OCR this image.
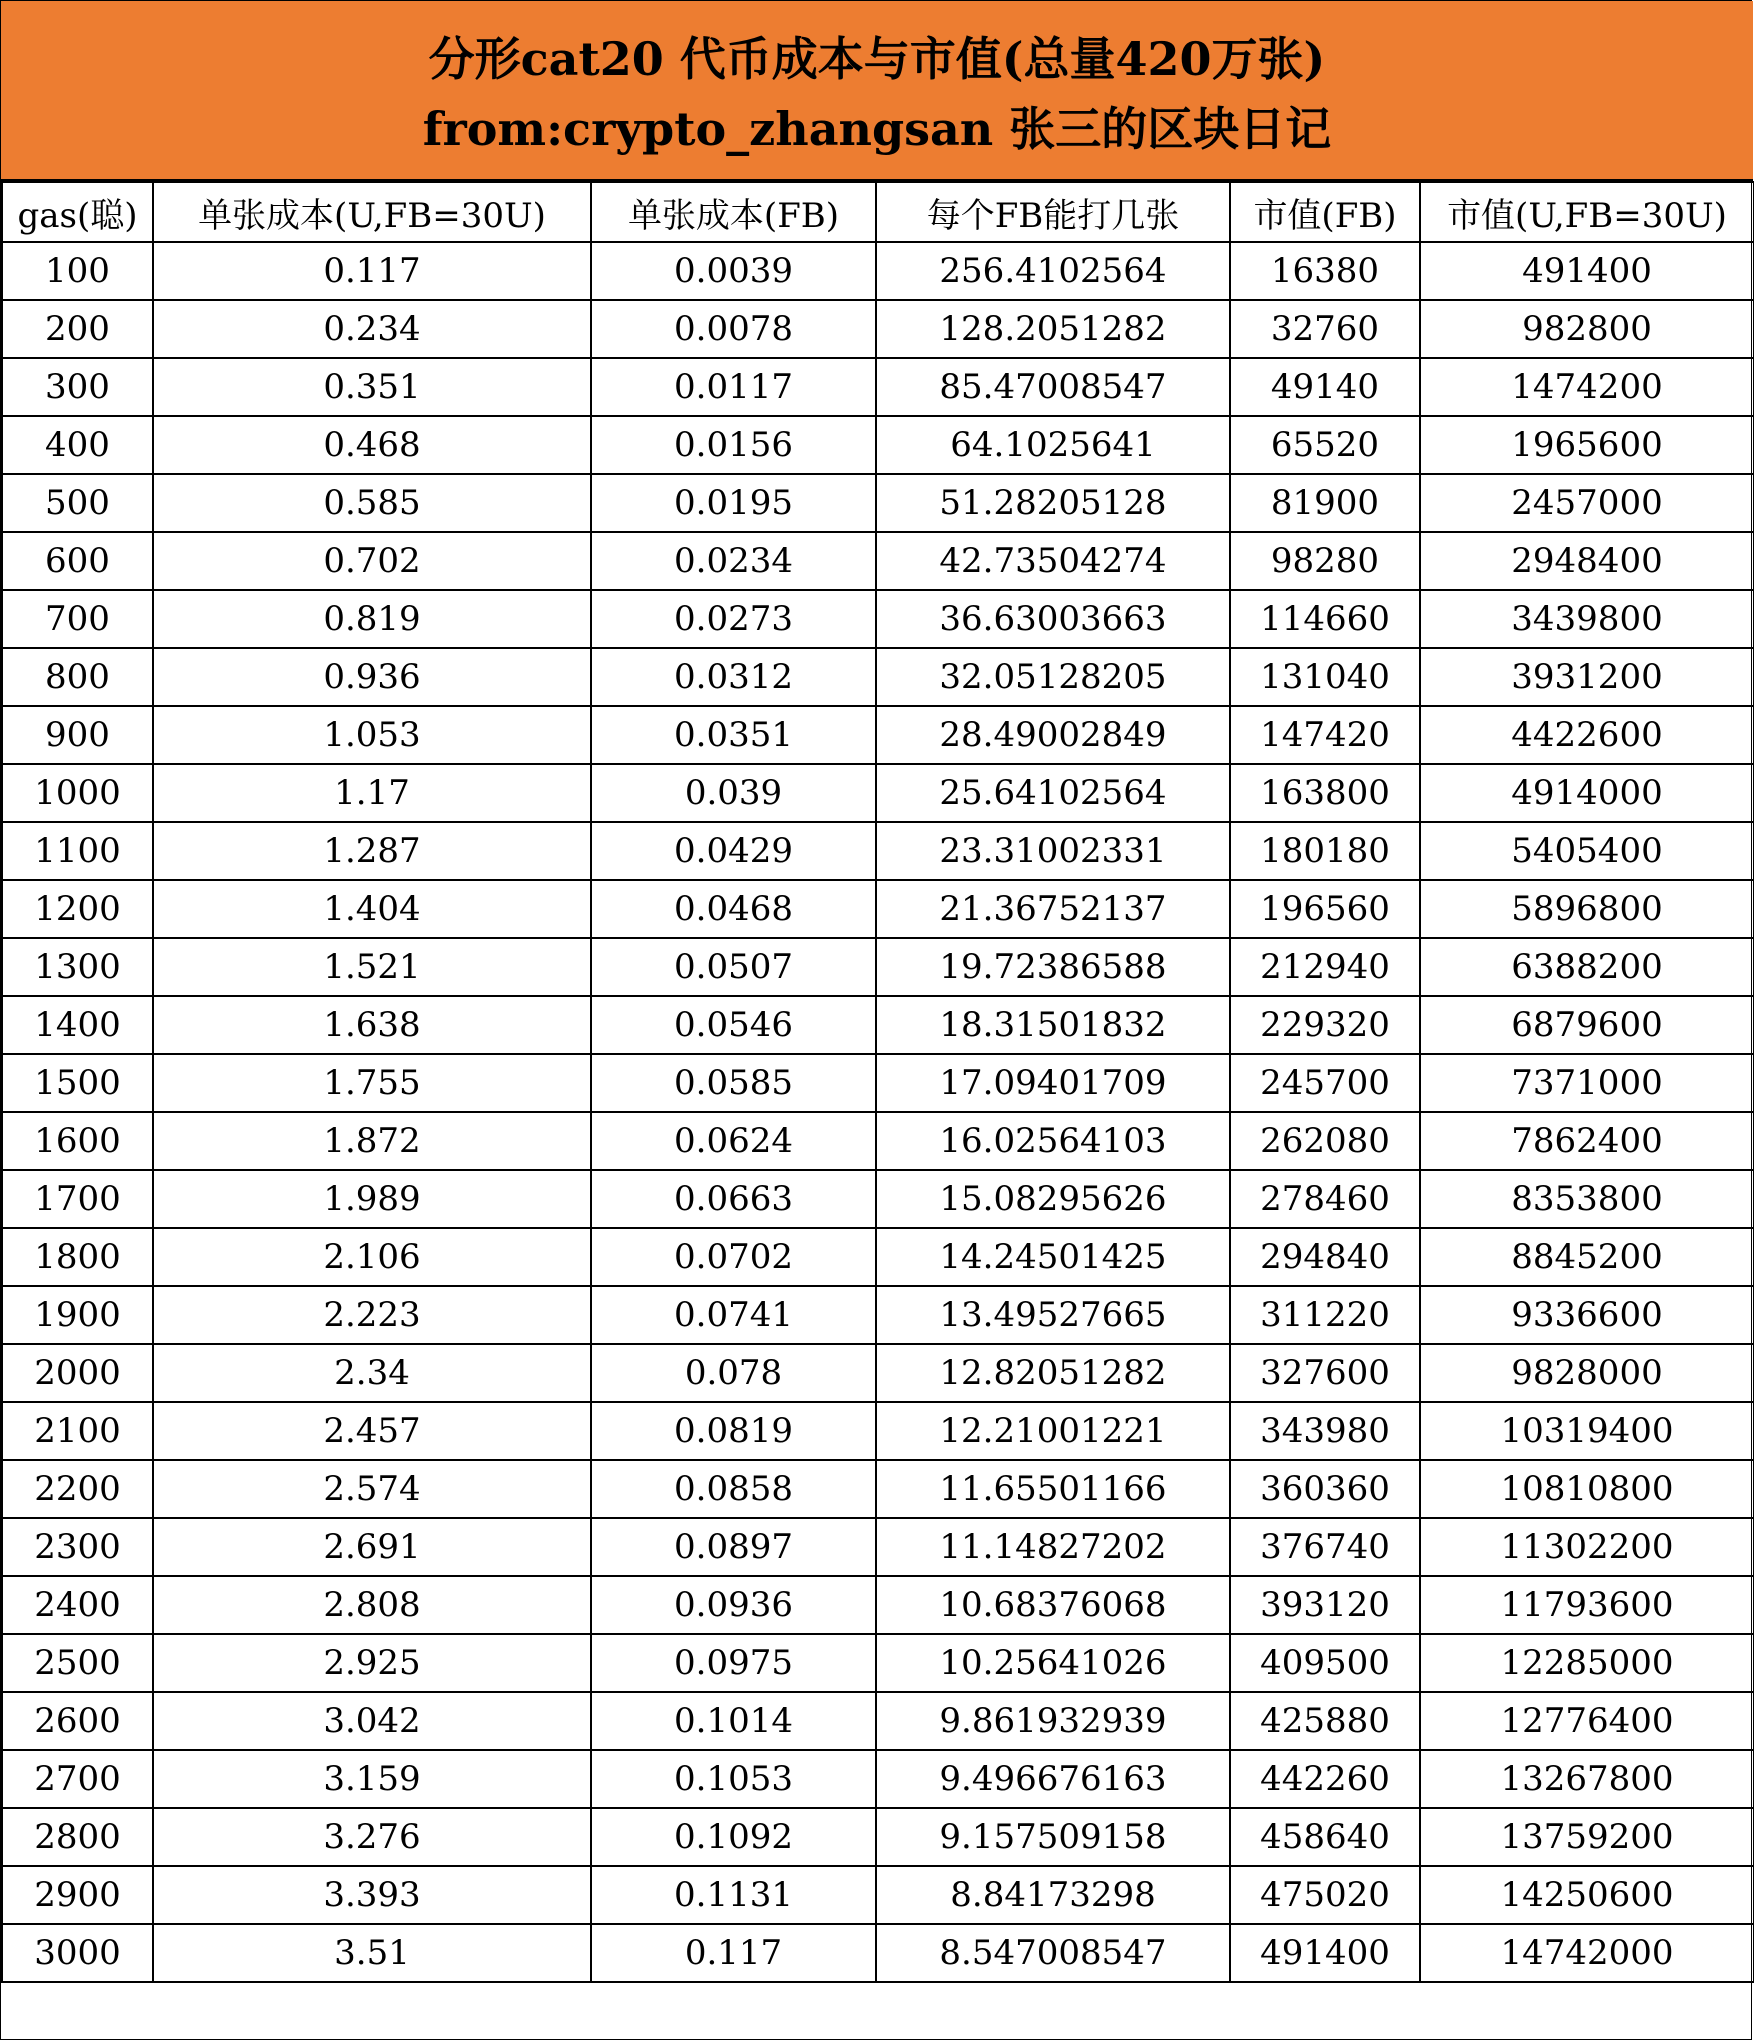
分形cat20 代币成本与市值(总量420万张)
from:crypto_zhangsan 张三的区块日记
gas(聪)	单张成本(U,FB=30U)	单张成本(FB)	每个FB能打几张	市值(FB)	市值(U,FB=30U)
100	0.117	0.0039	256.4102564	16380	491400
200	0.234	0.0078	128.2051282	32760	982800
300	0.351	0.0117	85.47008547	49140	1474200
400	0.468	0.0156	64.1025641	65520	1965600
500	0.585	0.0195	51.28205128	81900	2457000
600	0.702	0.0234	42.73504274	98280	2948400
700	0.819	0.0273	36.63003663	114660	3439800
800	0.936	0.0312	32.05128205	131040	3931200
900	1.053	0.0351	28.49002849	147420	4422600
1000	1.17	0.039	25.64102564	163800	4914000
1100	1.287	0.0429	23.31002331	180180	5405400
1200	1.404	0.0468	21.36752137	196560	5896800
1300	1.521	0.0507	19.72386588	212940	6388200
1400	1.638	0.0546	18.31501832	229320	6879600
1500	1.755	0.0585	17.09401709	245700	7371000
1600	1.872	0.0624	16.02564103	262080	7862400
1700	1.989	0.0663	15.08295626	278460	8353800
1800	2.106	0.0702	14.24501425	294840	8845200
1900	2.223	0.0741	13.49527665	311220	9336600
2000	2.34	0.078	12.82051282	327600	9828000
2100	2.457	0.0819	12.21001221	343980	10319400
2200	2.574	0.0858	11.65501166	360360	10810800
2300	2.691	0.0897	11.14827202	376740	11302200
2400	2.808	0.0936	10.68376068	393120	11793600
2500	2.925	0.0975	10.25641026	409500	12285000
2600	3.042	0.1014	9.861932939	425880	12776400
2700	3.159	0.1053	9.496676163	442260	13267800
2800	3.276	0.1092	9.157509158	458640	13759200
2900	3.393	0.1131	8.84173298	475020	14250600
3000	3.51	0.117	8.547008547	491400	14742000
